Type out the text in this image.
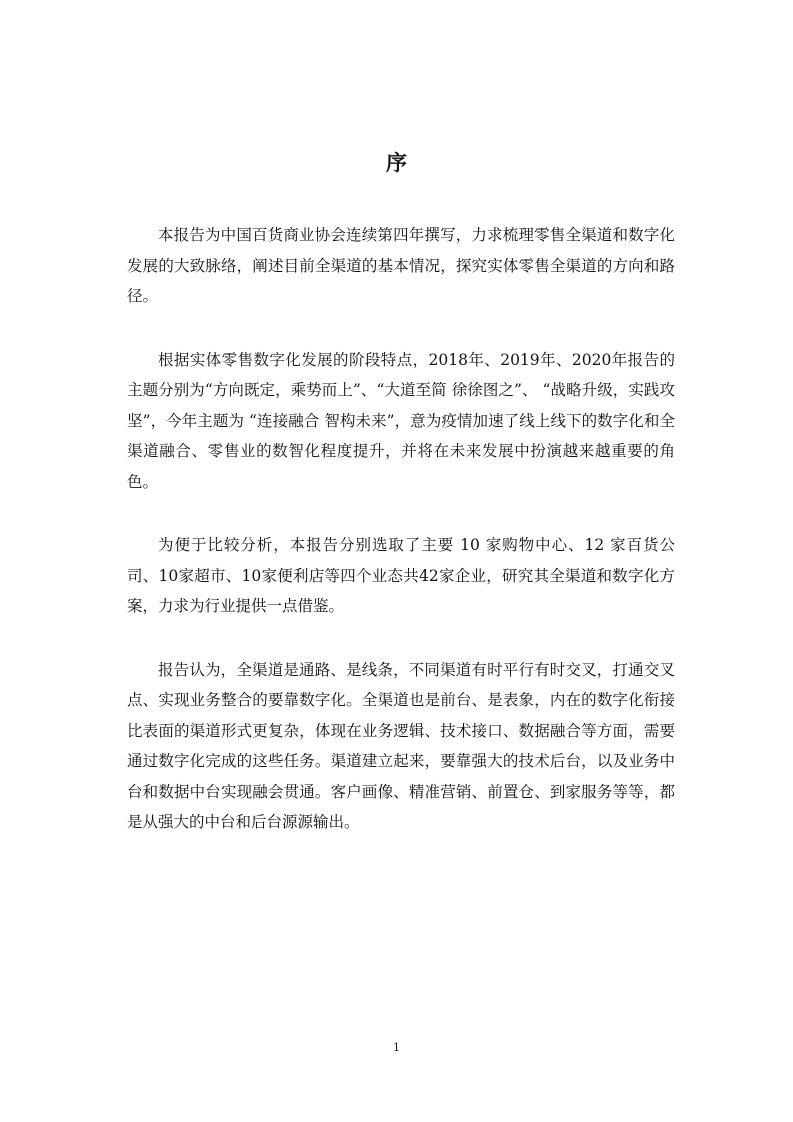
序

本报告为中国百货商业协会连续第四年撰写，力求梳理零售全渠道和数字化发展的大致脉络，阐述目前全渠道的基本情况，探究实体零售全渠道的方向和路径。

根据实体零售数字化发展的阶段特点，2018年、2019年、2020年报告的主题分别为“方向既定，乘势而上”、“大道至简 徐徐图之”、 “战略升级，实践攻坚”，今年主题为 “连接融合 智构未来”，意为疫情加速了线上线下的数字化和全渠道融合、零售业的数智化程度提升，并将在未来发展中扮演越来越重要的角色。

为便于比较分析，本报告分别选取了主要 10 家购物中心、12 家百货公司、10家超市、10家便利店等四个业态共42家企业，研究其全渠道和数字化方案，力求为行业提供一点借鉴。

报告认为，全渠道是通路、是线条，不同渠道有时平行有时交叉，打通交叉点、实现业务整合的要靠数字化。全渠道也是前台、是表象，内在的数字化衔接比表面的渠道形式更复杂，体现在业务逻辑、技术接口、数据融合等方面，需要通过数字化完成的这些任务。渠道建立起来，要靠强大的技术后台，以及业务中台和数据中台实现融会贯通。客户画像、精准营销、前置仓、到家服务等等，都是从强大的中台和后台源源输出。

1
